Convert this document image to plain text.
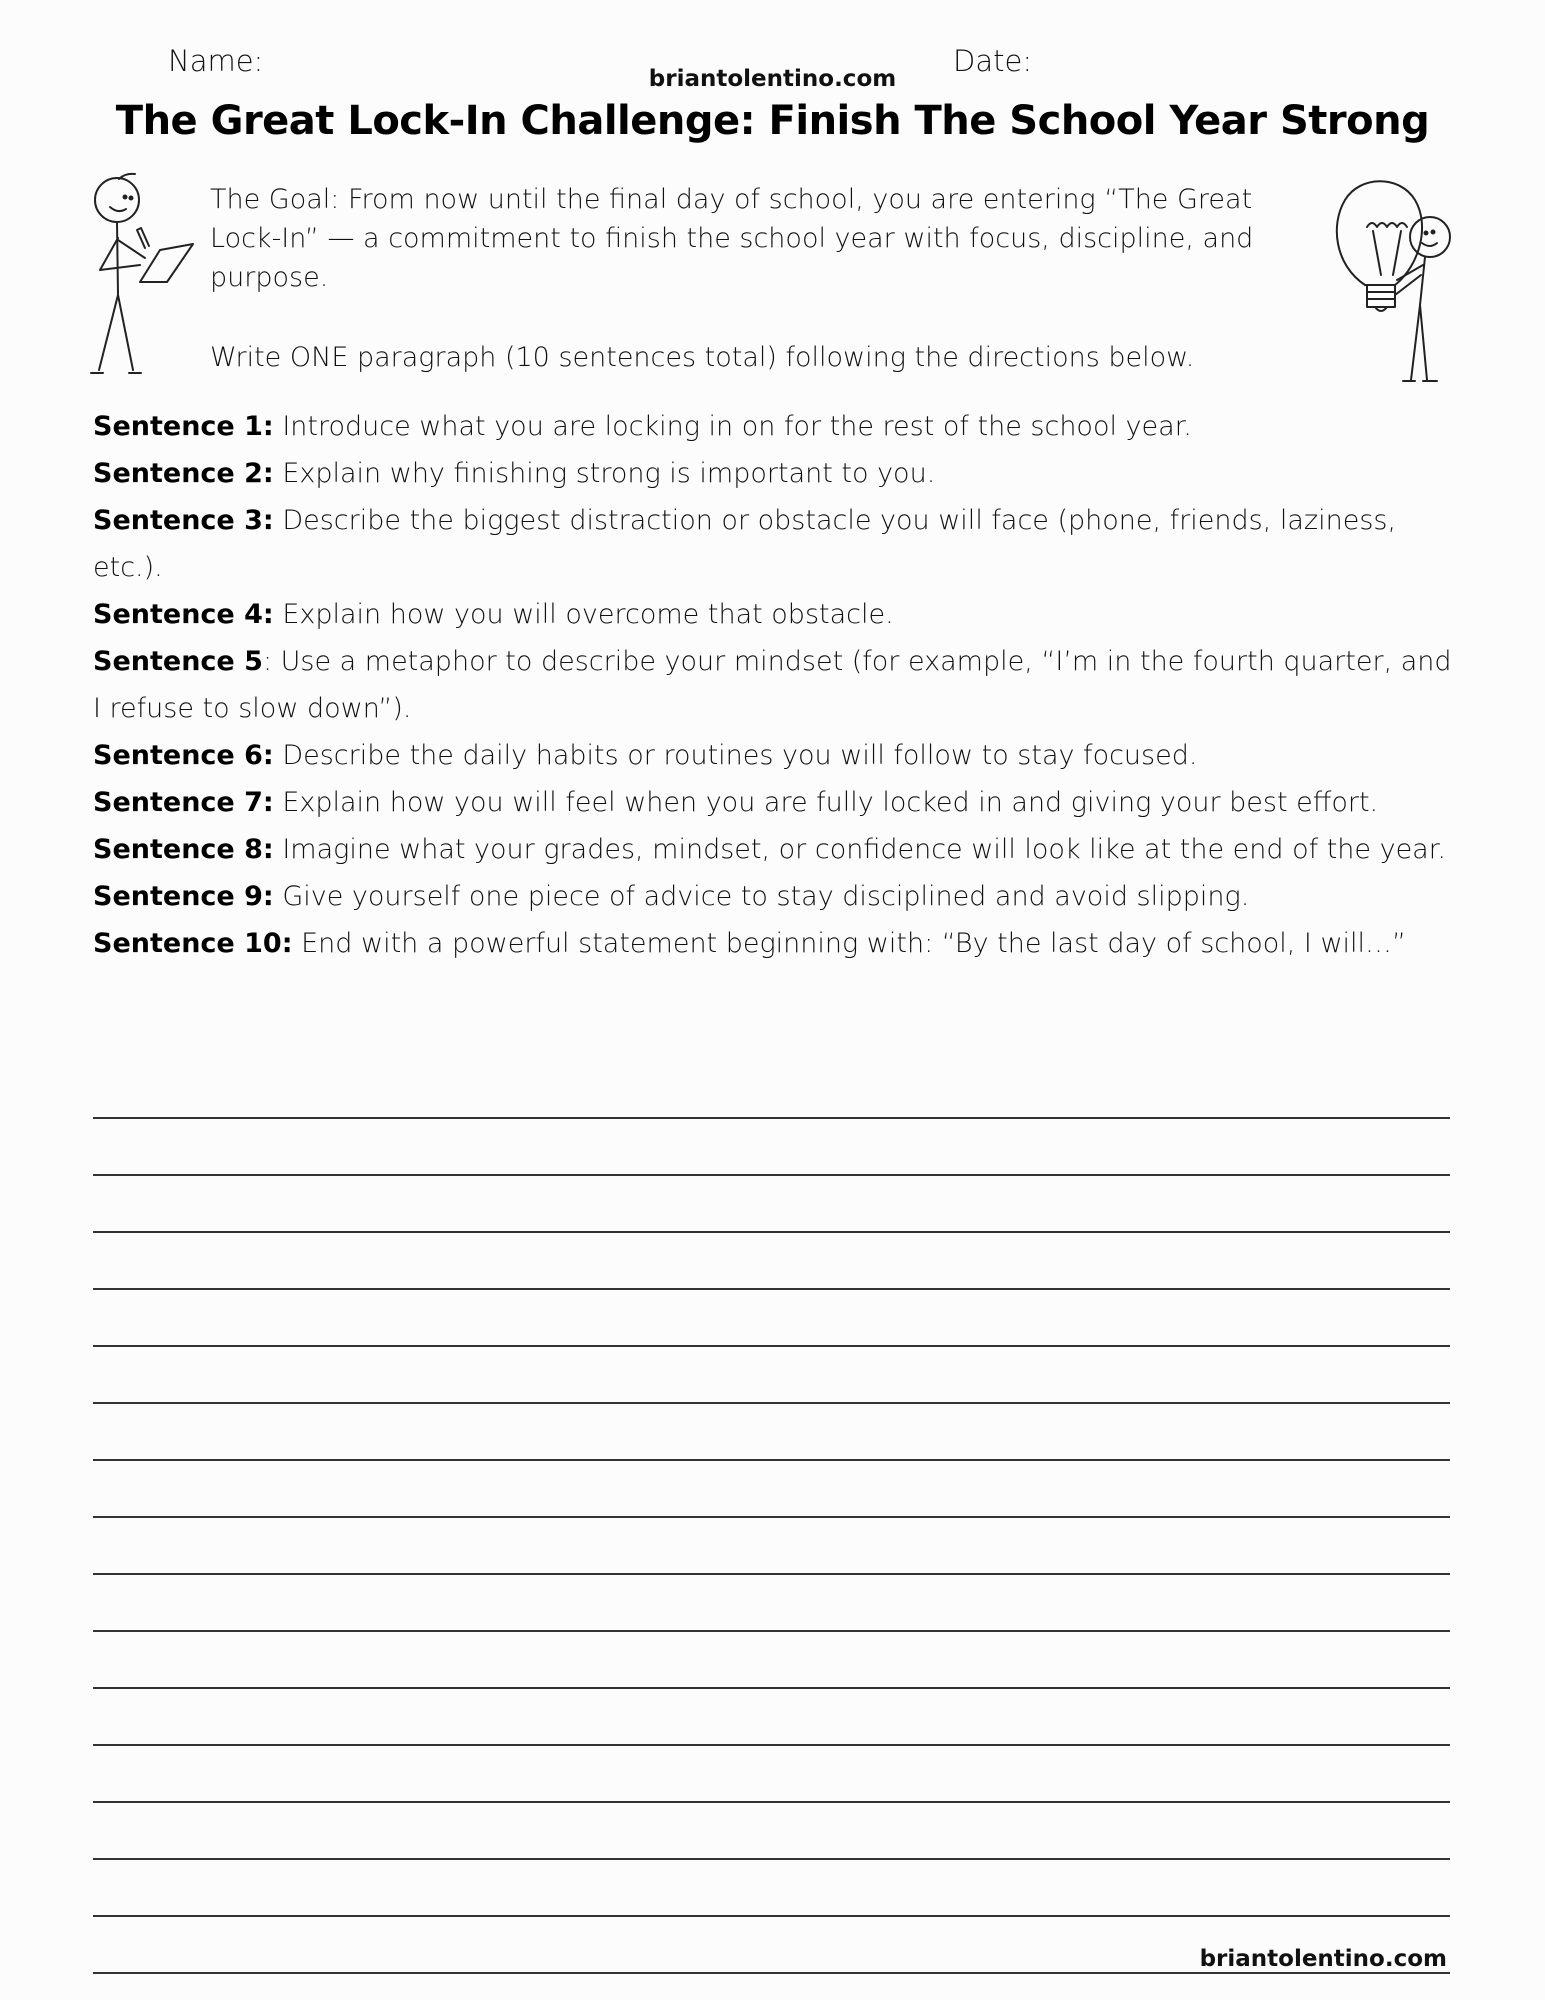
Name:	Date:
briantolentino.com
The Great Lock-In Challenge: Finish The School Year Strong
The Goal: From now until the final day of school, you are entering “The Great Lock-In” — a commitment to finish the school year with focus, discipline, and purpose.
Write ONE paragraph (10 sentences total) following the directions below.
Sentence 1: Introduce what you are locking in on for the rest of the school year.
Sentence 2: Explain why finishing strong is important to you.
Sentence 3: Describe the biggest distraction or obstacle you will face (phone, friends, laziness, etc.).
Sentence 4: Explain how you will overcome that obstacle.
Sentence 5: Use a metaphor to describe your mindset (for example, “I’m in the fourth quarter, and I refuse to slow down”).
Sentence 6: Describe the daily habits or routines you will follow to stay focused.
Sentence 7: Explain how you will feel when you are fully locked in and giving your best effort.
Sentence 8: Imagine what your grades, mindset, or confidence will look like at the end of the year.
Sentence 9: Give yourself one piece of advice to stay disciplined and avoid slipping.
Sentence 10: End with a powerful statement beginning with: “By the last day of school, I will…”
briantolentino.com
